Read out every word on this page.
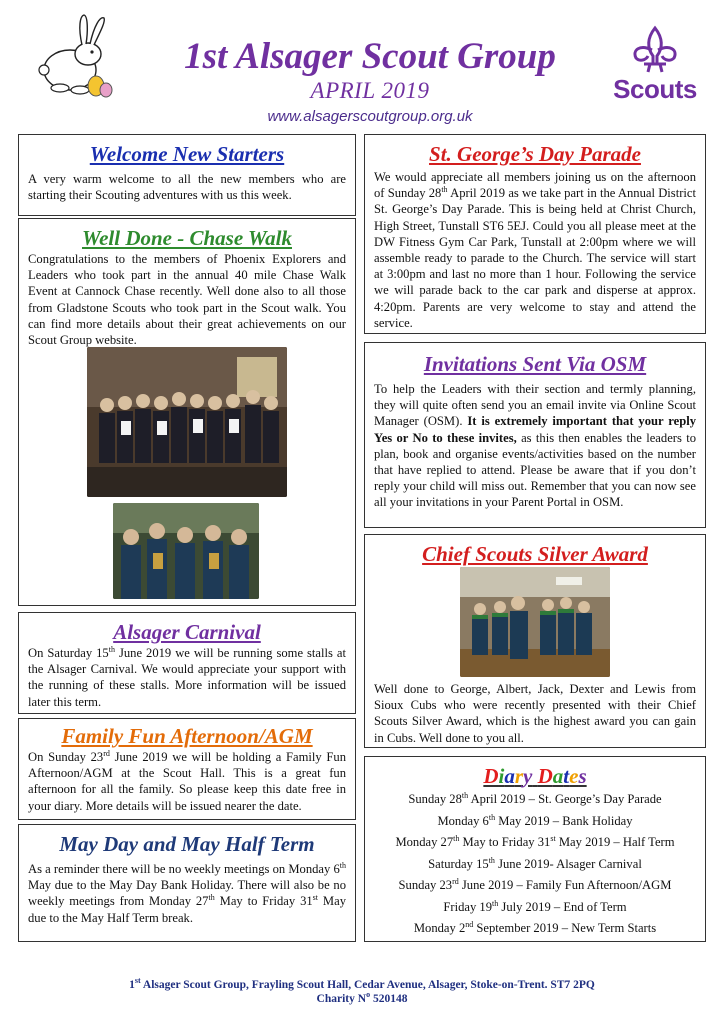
1st Alsager Scout Group
APRIL 2019
www.alsagerscoutgroup.org.uk
Scouts
Welcome New Starters

A very warm welcome to all the new members who are starting their Scouting adventures with us this week.

Well Done - Chase Walk

Congratulations to the members of Phoenix Explorers and Leaders who took part in the annual 40 mile Chase Walk Event at Cannock Chase recently. Well done also to all those from Gladstone Scouts who took part in the Scout walk. You can find more details about their great achievements on our Scout Group website.

Alsager Carnival

On Saturday 15th June 2019 we will be running some stalls at the Alsager Carnival. We would appreciate your support with the running of these stalls. More information will be issued later this term.

Family Fun Afternoon/AGM

On Sunday 23rd June 2019 we will be holding a Family Fun Afternoon/AGM at the Scout Hall. This is a great fun afternoon for all the family. So please keep this date free in your diary. More details will be issued nearer the date.

May Day and May Half Term

As a reminder there will be no weekly meetings on Monday 6th May due to the May Day Bank Holiday. There will also be no weekly meetings from Monday 27th May to Friday 31st May due to the May Half Term break.

St. George’s Day Parade

We would appreciate all members joining us on the afternoon of Sunday 28th April 2019 as we take part in the Annual District St. George’s Day Parade. This is being held at Christ Church, High Street, Tunstall ST6 5EJ. Could you all please meet at the DW Fitness Gym Car Park, Tunstall at 2:00pm where we will assemble ready to parade to the Church. The service will start at 3:00pm and last no more than 1 hour. Following the service we will parade back to the car park and disperse at approx. 4:20pm. Parents are very welcome to stay and attend the service.

Invitations Sent Via OSM

To help the Leaders with their section and termly planning, they will quite often send you an email invite via Online Scout Manager (OSM). It is extremely important that your reply Yes or No to these invites, as this then enables the leaders to plan, book and organise events/activities based on the number that have replied to attend. Please be aware that if you don’t reply your child will miss out. Remember that you can now see all your invitations in your Parent Portal in OSM.

Chief Scouts Silver Award

Well done to George, Albert, Jack, Dexter and Lewis from Sioux Cubs who were recently presented with their Chief Scouts Silver Award, which is the highest award you can gain in Cubs. Well done to you all.

Diary Dates
Sunday 28th April 2019 – St. George’s Day Parade
Monday 6th May 2019 – Bank Holiday
Monday 27th May to Friday 31st May 2019 – Half Term
Saturday 15th June 2019- Alsager Carnival
Sunday 23rd June 2019 – Family Fun Afternoon/AGM
Friday 19th July 2019 – End of Term
Monday 2nd September 2019 – New Term Starts
1st Alsager Scout Group, Frayling Scout Hall, Cedar Avenue, Alsager, Stoke-on-Trent. ST7 2PQ
Charity $N^o$ 520148
